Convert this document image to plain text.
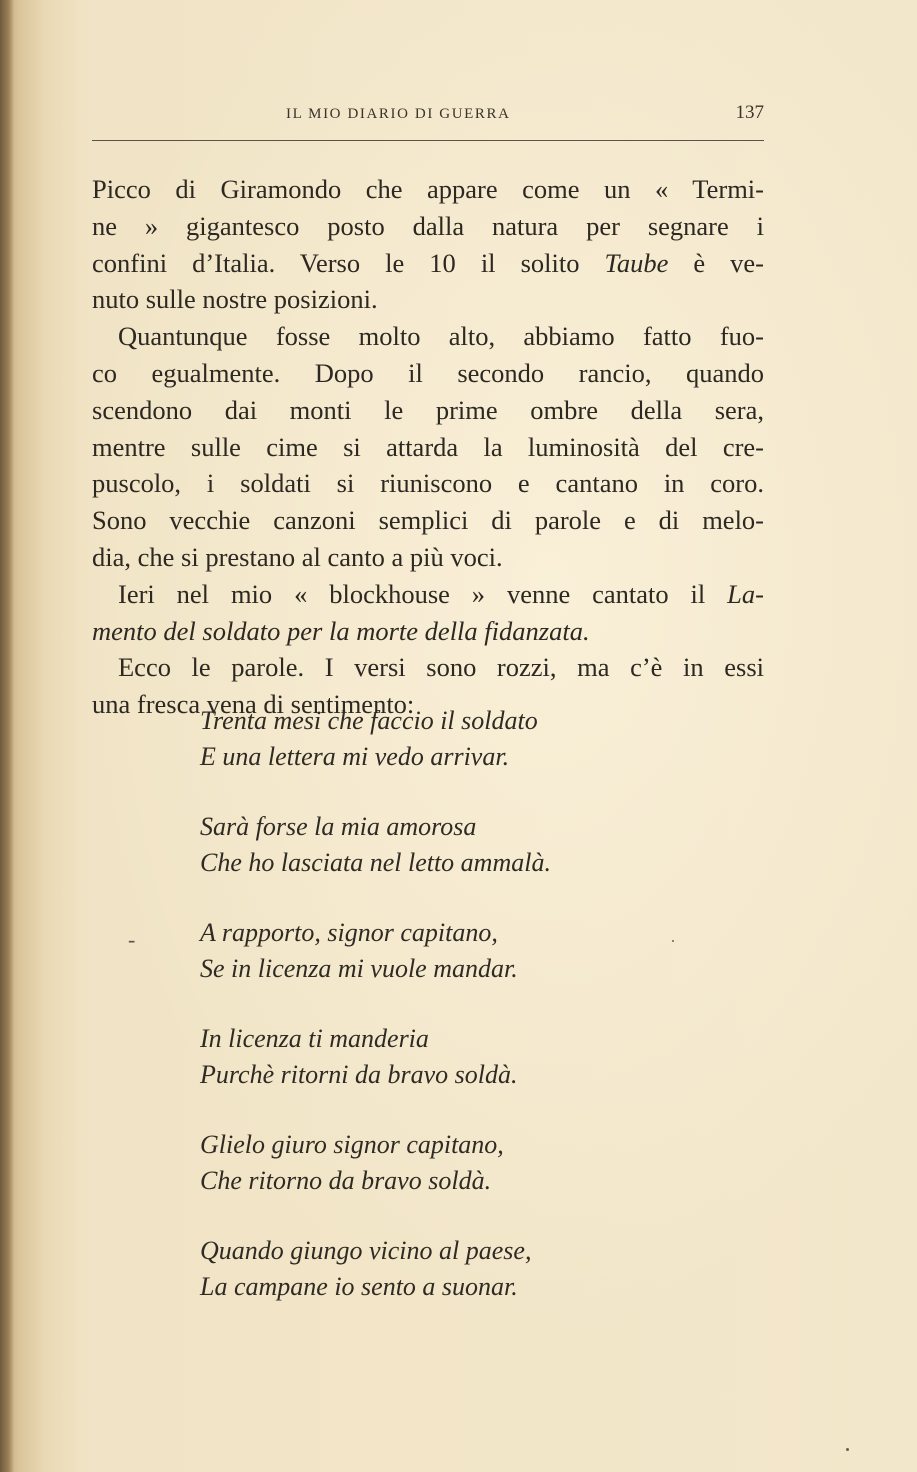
IL MIO DIARIO DI GUERRA	137
Picco di Giramondo che appare come un « Termi-
ne » gigantesco posto dalla natura per segnare i
confini d’Italia. Verso le 10 il solito Taube è ve-
nuto sulle nostre posizioni.
Quantunque fosse molto alto, abbiamo fatto fuo-
co egualmente. Dopo il secondo rancio, quando
scendono dai monti le prime ombre della sera,
mentre sulle cime si attarda la luminosità del cre-
puscolo, i soldati si riuniscono e cantano in coro.
Sono vecchie canzoni semplici di parole e di melo-
dia, che si prestano al canto a più voci.
Ieri nel mio « blockhouse » venne cantato il La-
mento del soldato per la morte della fidanzata.
Ecco le parole. I versi sono rozzi, ma c’è in essi
una fresca vena di sentimento:
Trenta mesi che faccio il soldato
E una lettera mi vedo arrivar.
Sarà forse la mia amorosa
Che ho lasciata nel letto ammalà.
A rapporto, signor capitano,
Se in licenza mi vuole mandar.
In licenza ti manderia
Purchè ritorni da bravo soldà.
Glielo giuro signor capitano,
Che ritorno da bravo soldà.
Quando giungo vicino al paese,
La campane io sento a suonar.
-
